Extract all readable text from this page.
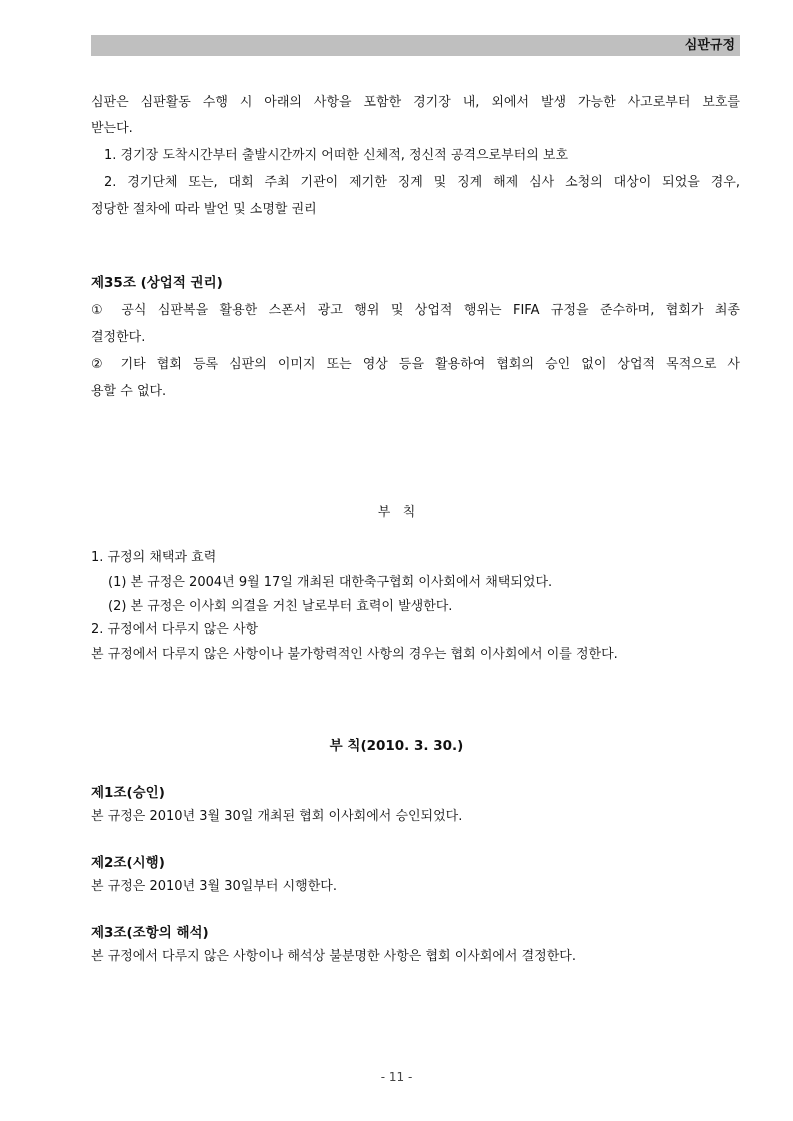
심판규정
심판은 심판활동 수행 시 아래의 사항을 포함한 경기장 내, 외에서 발생 가능한 사고로부터 보호를
받는다.
1. 경기장 도착시간부터 출발시간까지 어떠한 신체적, 정신적 공격으로부터의 보호
2. 경기단체 또는, 대회 주최 기관이 제기한 징계 및 징계 해제 심사 소청의 대상이 되었을 경우,
정당한 절차에 따라 발언 및 소명할 권리
제35조 (상업적 권리)
① 공식 심판복을 활용한 스폰서 광고 행위 및 상업적 행위는 FIFA 규정을 준수하며, 협회가 최종
결정한다.
② 기타 협회 등록 심판의 이미지 또는 영상 등을 활용하여 협회의 승인 없이 상업적 목적으로 사
용할 수 없다.
부   칙
1. 규정의 채택과 효력
(1) 본 규정은 2004년 9월 17일 개최된 대한축구협회 이사회에서 채택되었다.
(2) 본 규정은 이사회 의결을 거친 날로부터 효력이 발생한다.
2. 규정에서 다루지 않은 사항
본 규정에서 다루지 않은 사항이나 불가항력적인 사항의 경우는 협회 이사회에서 이를 정한다.
부 칙(2010. 3. 30.)
제1조(승인)
본 규정은 2010년 3월 30일 개최된 협회 이사회에서 승인되었다.
제2조(시행)
본 규정은 2010년 3월 30일부터 시행한다.
제3조(조항의 해석)
본 규정에서 다루지 않은 사항이나 해석상 불분명한 사항은 협회 이사회에서 결정한다.
- 11 -
